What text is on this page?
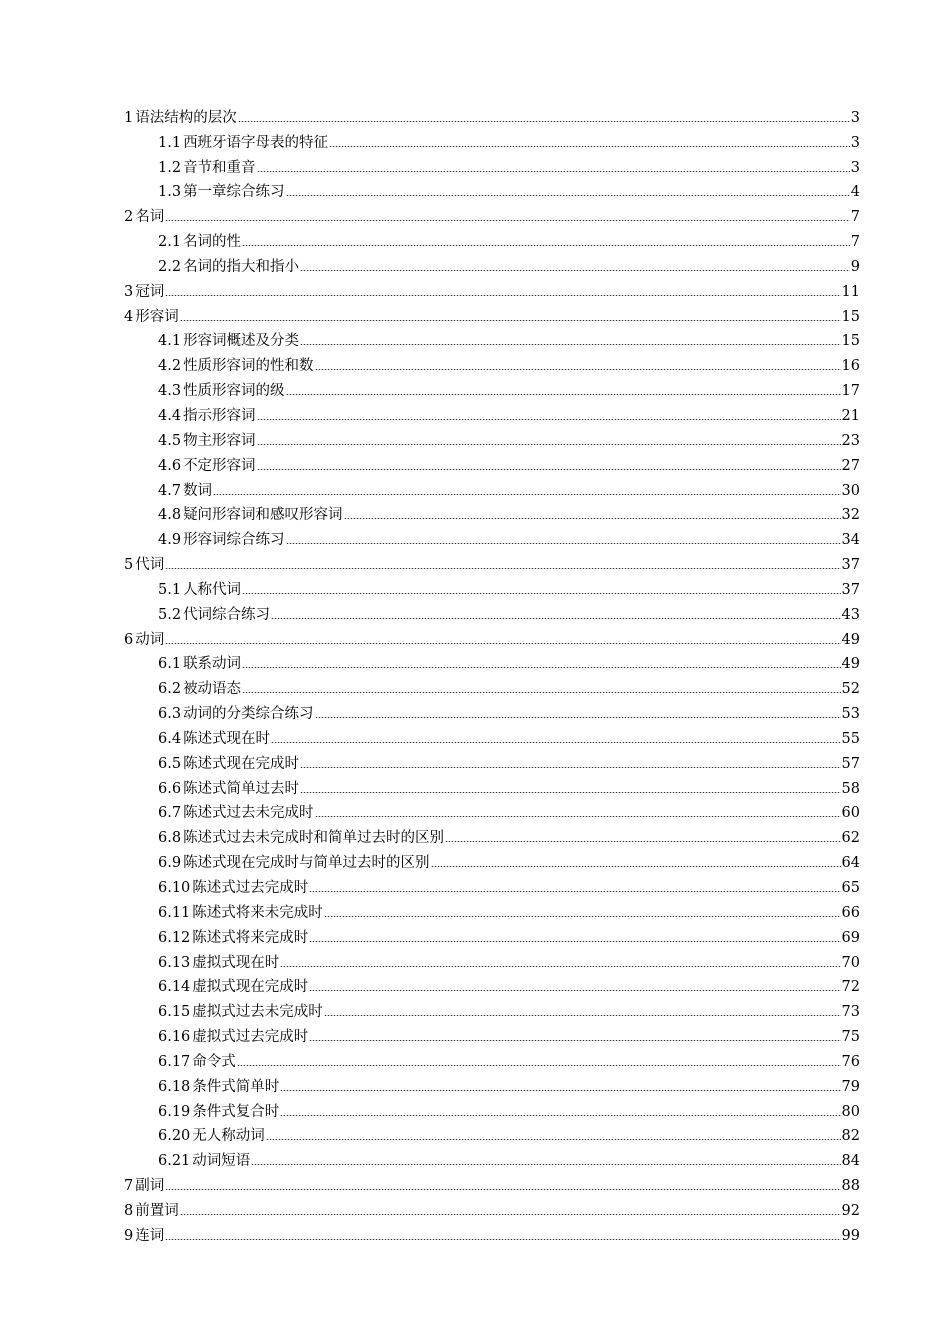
1 语法结构的层次	3
1.1 西班牙语字母表的特征	3
1.2 音节和重音	3
1.3 第一章综合练习	4
2 名词	7
2.1 名词的性	7
2.2 名词的指大和指小	9
3 冠词	11
4 形容词	15
4.1 形容词概述及分类	15
4.2 性质形容词的性和数	16
4.3 性质形容词的级	17
4.4 指示形容词	21
4.5 物主形容词	23
4.6 不定形容词	27
4.7 数词	30
4.8 疑问形容词和感叹形容词	32
4.9 形容词综合练习	34
5 代词	37
5.1 人称代词	37
5.2 代词综合练习	43
6 动词	49
6.1 联系动词	49
6.2 被动语态	52
6.3 动词的分类综合练习	53
6.4 陈述式现在时	55
6.5 陈述式现在完成时	57
6.6 陈述式简单过去时	58
6.7 陈述式过去未完成时	60
6.8 陈述式过去未完成时和简单过去时的区别	62
6.9 陈述式现在完成时与简单过去时的区别	64
6.10 陈述式过去完成时	65
6.11 陈述式将来未完成时	66
6.12 陈述式将来完成时	69
6.13 虚拟式现在时	70
6.14 虚拟式现在完成时	72
6.15 虚拟式过去未完成时	73
6.16 虚拟式过去完成时	75
6.17 命令式	76
6.18 条件式简单时	79
6.19 条件式复合时	80
6.20 无人称动词	82
6.21 动词短语	84
7 副词	88
8 前置词	92
9 连词	99
